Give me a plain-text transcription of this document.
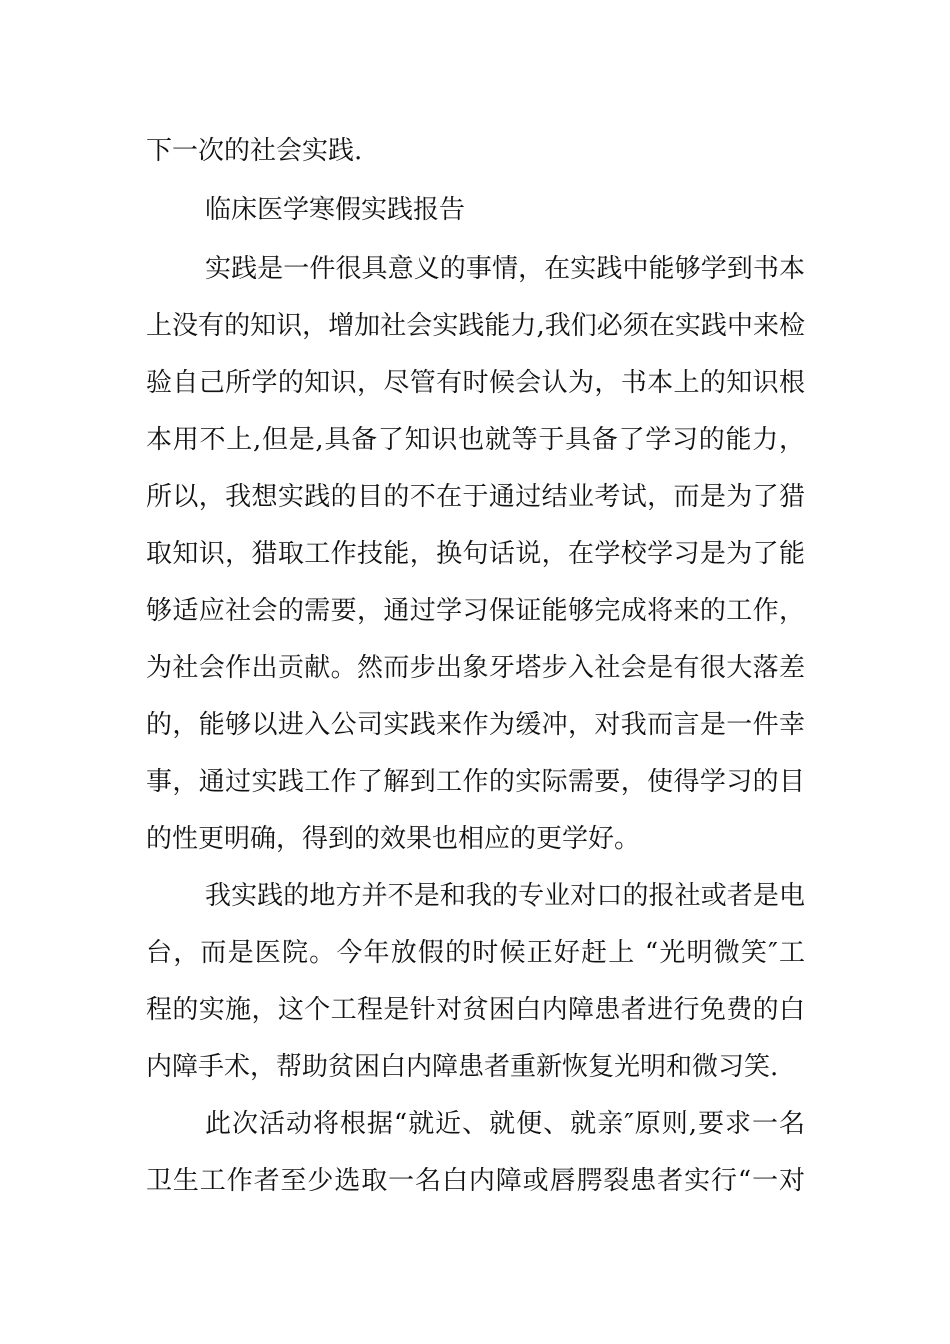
下一次的社会实践.
临床医学寒假实践报告
实践是一件很具意义的事情，在实践中能够学到书本
上没有的知识，增加社会实践能力,我们必须在实践中来检
验自己所学的知识，尽管有时候会认为，书本上的知识根
本用不上,但是,具备了知识也就等于具备了学习的能力，
所以，我想实践的目的不在于通过结业考试，而是为了猎
取知识，猎取工作技能，换句话说，在学校学习是为了能
够适应社会的需要，通过学习保证能够完成将来的工作，
为社会作出贡献。然而步出象牙塔步入社会是有很大落差
的，能够以进入公司实践来作为缓冲，对我而言是一件幸
事，通过实践工作了解到工作的实际需要，使得学习的目
的性更明确，得到的效果也相应的更学好。
我实践的地方并不是和我的专业对口的报社或者是电
台，而是医院。今年放假的时候正好赶上 “光明微笑″工
程的实施，这个工程是针对贫困白内障患者进行免费的白
内障手术，帮助贫困白内障患者重新恢复光明和微习笑.
此次活动将根据“就近、就便、就亲″原则,要求一名
卫生工作者至少选取一名白内障或唇腭裂患者实行“一对
